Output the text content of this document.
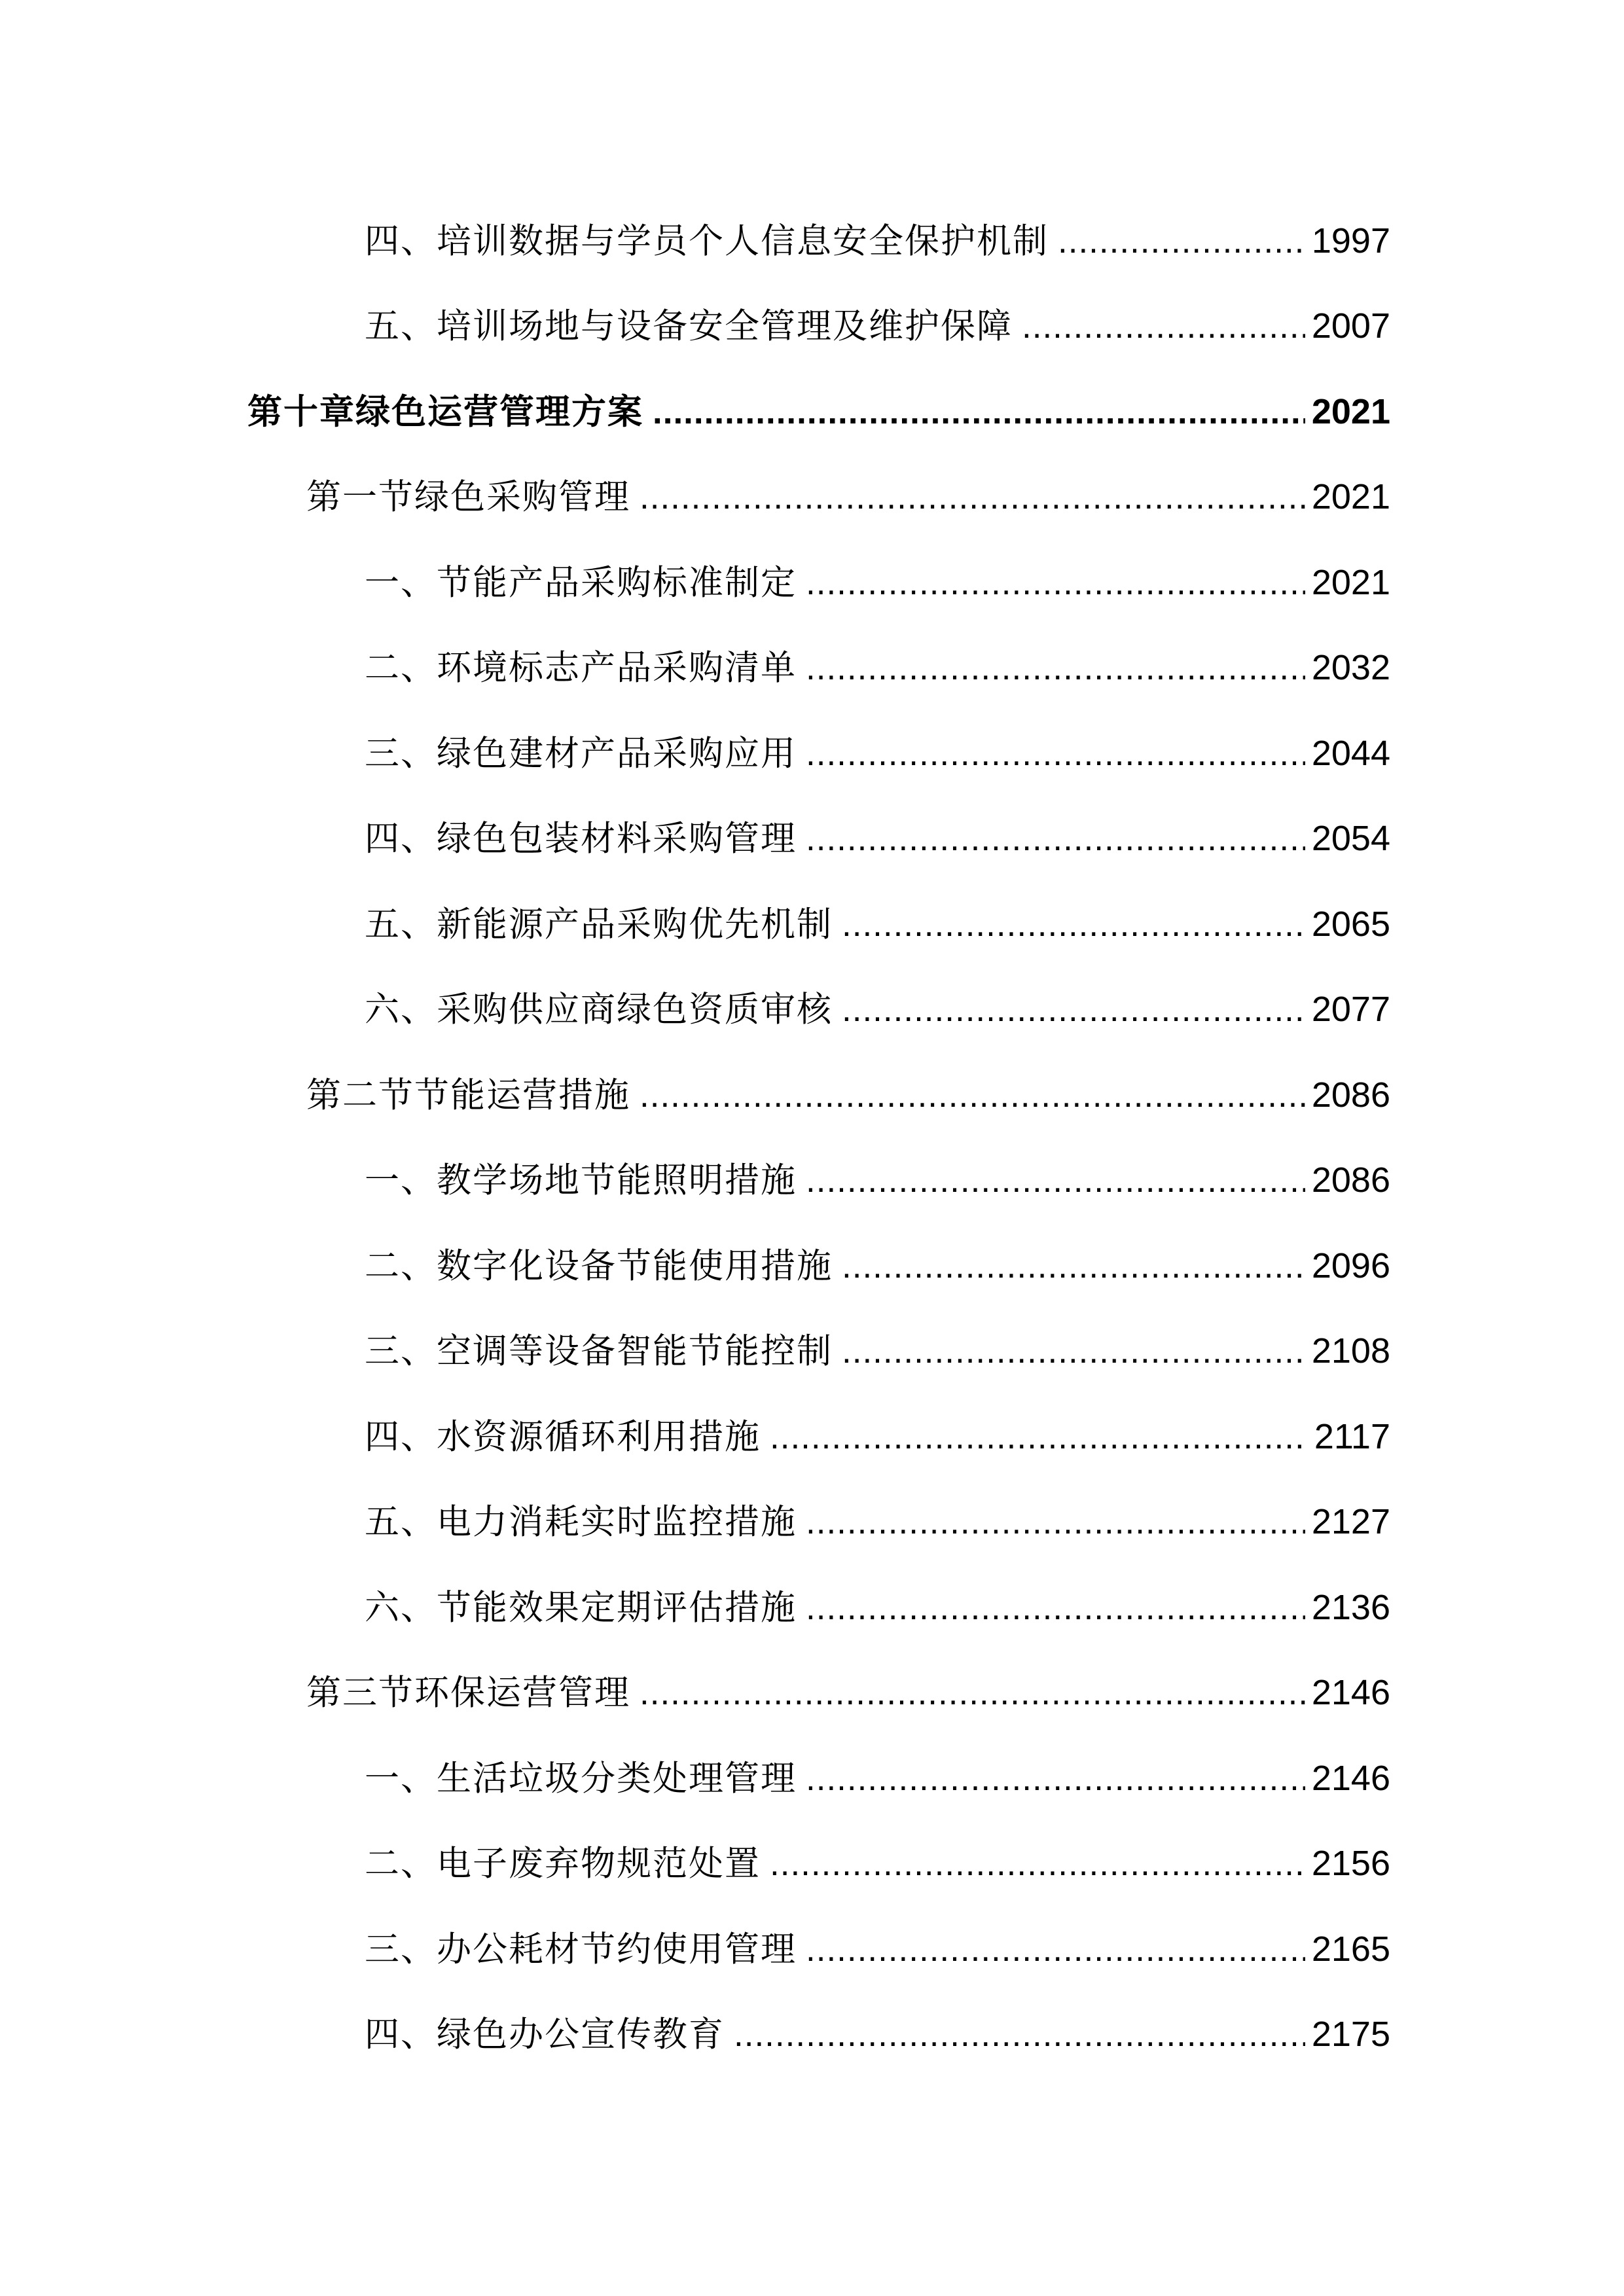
四、培训数据与学员个人信息安全保护机制 .....	1997
五、培训场地与设备安全管理及维护保障 .....	2007
第十章绿色运营管理方案 .....	2021
第一节绿色采购管理 .....	2021
一、节能产品采购标准制定 .....	2021
二、环境标志产品采购清单 .....	2032
三、绿色建材产品采购应用 .....	2044
四、绿色包装材料采购管理 .....	2054
五、新能源产品采购优先机制 .....	2065
六、采购供应商绿色资质审核 .....	2077
第二节节能运营措施 .....	2086
一、教学场地节能照明措施 .....	2086
二、数字化设备节能使用措施 .....	2096
三、空调等设备智能节能控制 .....	2108
四、水资源循环利用措施 .....	2117
五、电力消耗实时监控措施 .....	2127
六、节能效果定期评估措施 .....	2136
第三节环保运营管理 .....	2146
一、生活垃圾分类处理管理 .....	2146
二、电子废弃物规范处置 .....	2156
三、办公耗材节约使用管理 .....	2165
四、绿色办公宣传教育 .....	2175
